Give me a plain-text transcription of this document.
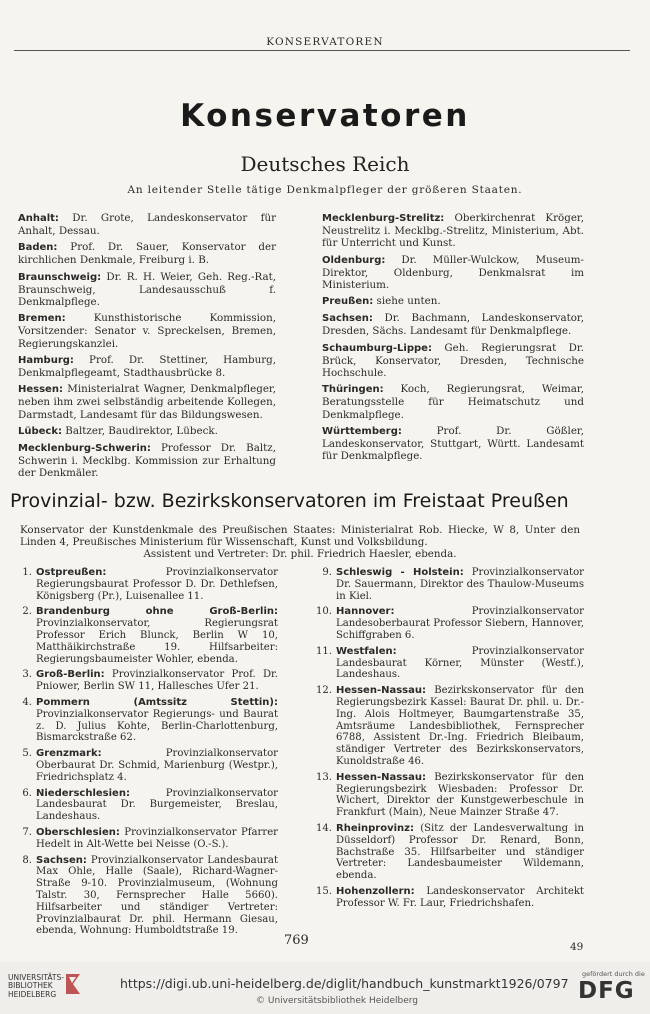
KONSERVATOREN
Konservatoren
Deutsches Reich
An leitender Stelle tätige Denkmalpfleger der größeren Staaten.

Anhalt: Dr. Grote, Landeskonservator für Anhalt, Dessau.

Baden: Prof. Dr. Sauer, Konservator der kirchlichen Denkmale, Freiburg i. B.

Braunschweig: Dr. R. H. Weier, Geh. Reg.-Rat, Braunschweig, Landesausschuß f. Denkmalpflege.

Bremen: Kunsthistorische Kommission, Vorsitzender: Senator v. Spreckelsen, Bremen, Regierungskanzlei.

Hamburg: Prof. Dr. Stettiner, Hamburg, Denkmalpflegeamt, Stadthausbrücke 8.

Hessen: Ministerialrat Wagner, Denkmalpfleger, neben ihm zwei selbständig arbeitende Kollegen, Darmstadt, Landesamt für das Bildungswesen.

Lübeck: Baltzer, Baudirektor, Lübeck.

Mecklenburg-Schwerin: Professor Dr. Baltz, Schwerin i. Mecklbg. Kommission zur Erhaltung der Denkmäler.

Mecklenburg-Strelitz: Oberkirchenrat Kröger, Neustrelitz i. Mecklbg.-Strelitz, Ministerium, Abt. für Unterricht und Kunst.

Oldenburg: Dr. Müller-Wulckow, Museum-Direktor, Oldenburg, Denkmalsrat im Ministerium.

Preußen: siehe unten.

Sachsen: Dr. Bachmann, Landeskonservator, Dresden, Sächs. Landesamt für Denkmalpflege.

Schaumburg-Lippe: Geh. Regierungsrat Dr. Brück, Konservator, Dresden, Technische Hochschule.

Thüringen: Koch, Regierungsrat, Weimar, Beratungsstelle für Heimatschutz und Denkmalpflege.

Württemberg: Prof. Dr. Gößler, Landeskonservator, Stuttgart, Württ. Landesamt für Denkmalpflege.

Provinzial- bzw. Bezirkskonservatoren im Freistaat Preußen
Konservator der Kunstdenkmale des Preußischen Staates: Ministerialrat Rob. Hiecke, W 8, Unter den Linden 4, Preußisches Ministerium für Wissenschaft, Kunst und Volksbildung.
Assistent und Vertreter: Dr. phil. Friedrich Haesler, ebenda.
1. Ostpreußen: Provinzialkonservator Regierungsbaurat Professor D. Dr. Dethlefsen, Königsberg (Pr.), Luisenallee 11.
2. Brandenburg ohne Groß-Berlin: Provinzialkonservator, Regierungsrat Professor Erich Blunck, Berlin W 10, Matthäikirchstraße 19. Hilfsarbeiter: Regierungsbaumeister Wohler, ebenda.
3. Groß-Berlin: Provinzialkonservator Prof. Dr. Pniower, Berlin SW 11, Hallesches Ufer 21.
4. Pommern (Amtssitz Stettin): Provinzialkonservator Regierungs- und Baurat z. D. Julius Kohte, Berlin-Charlottenburg, Bismarckstraße 62.
5. Grenzmark: Provinzialkonservator Oberbaurat Dr. Schmid, Marienburg (Westpr.), Friedrichsplatz 4.
6. Niederschlesien: Provinzialkonservator Landesbaurat Dr. Burgemeister, Breslau, Landeshaus.
7. Oberschlesien: Provinzialkonservator Pfarrer Hedelt in Alt-Wette bei Neisse (O.-S.).
8. Sachsen: Provinzialkonservator Landesbaurat Max Ohle, Halle (Saale), Richard-Wagner-Straße 9-10. Provinzialmuseum, (Wohnung Talstr. 30, Fernsprecher Halle 5660). Hilfsarbeiter und ständiger Vertreter: Provinzialbaurat Dr. phil. Hermann Giesau, ebenda, Wohnung: Humboldtstraße 19.
9. Schleswig - Holstein: Provinzialkonservator Dr. Sauermann, Direktor des Thaulow-Museums in Kiel.
10. Hannover: Provinzialkonservator Landesoberbaurat Professor Siebern, Hannover, Schiffgraben 6.
11. Westfalen: Provinzialkonservator Landesbaurat Körner, Münster (Westf.), Landeshaus.
12. Hessen-Nassau: Bezirkskonservator für den Regierungsbezirk Kassel: Baurat Dr. phil. u. Dr.-Ing. Alois Holtmeyer, Baumgartenstraße 35, Amtsräume Landesbibliothek, Fernsprecher 6788, Assistent Dr.-Ing. Friedrich Bleibaum, ständiger Vertreter des Bezirkskonservators, Kunoldstraße 46.
13. Hessen-Nassau: Bezirkskonservator für den Regierungsbezirk Wiesbaden: Professor Dr. Wichert, Direktor der Kunstgewerbeschule in Frankfurt (Main), Neue Mainzer Straße 47.
14. Rheinprovinz: (Sitz der Landesverwaltung in Düsseldorf) Professor Dr. Renard, Bonn, Bachstraße 35. Hilfsarbeiter und ständiger Vertreter: Landesbaumeister Wildemann, ebenda.
15. Hohenzollern: Landeskonservator Architekt Professor W. Fr. Laur, Friedrichshafen.
769	49
UNIVERSITÄTS-
BIBLIOTHEK
HEIDELBERG
https://digi.ub.uni-heidelberg.de/diglit/handbuch_kunstmarkt1926/0797
© Universitätsbibliothek Heidelberg
gefördert durch die
DFG
